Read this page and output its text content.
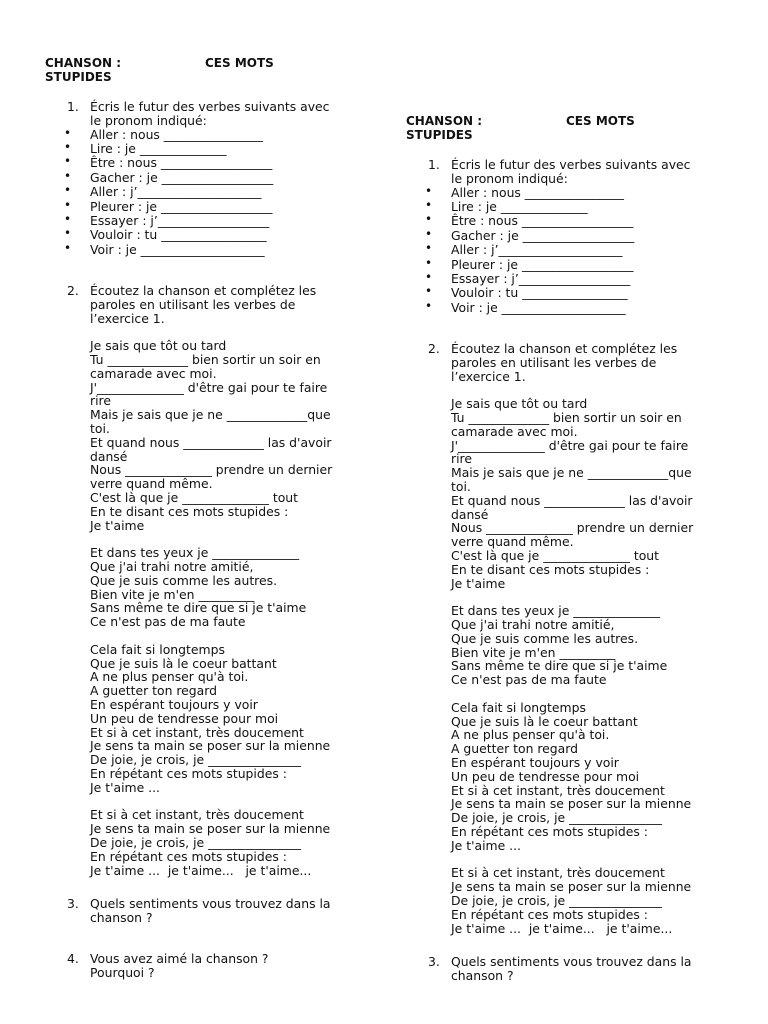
CHANSON :	CES MOTS
STUPIDES
1. Écris le futur des verbes suivants avec
le pronom indiqué:
• Aller : nous ________________
• Lire : je ______________
• Être : nous __________________
• Gacher : je __________________
• Aller : j’____________________
• Pleurer : je __________________
• Essayer : j’__________________
• Vouloir : tu _________________
• Voir : je ____________________
2. Écoutez la chanson et complétez les
paroles en utilisant les verbes de
l’exercice 1.
Je sais que tôt ou tard
Tu _____________ bien sortir un soir en
camarade avec moi.
J'______________ d'être gai pour te faire
rire
Mais je sais que je ne _____________que
toi.
Et quand nous _____________ las d'avoir
dansé
Nous ______________ prendre un dernier
verre quand même.
C'est là que je ______________ tout
En te disant ces mots stupides :
Je t'aime
Et dans tes yeux je ______________
Que j'ai trahi notre amitié,
Que je suis comme les autres.
Bien vite je m'en _________
Sans même te dire que si je t'aime
Ce n'est pas de ma faute
Cela fait si longtemps
Que je suis là le coeur battant
A ne plus penser qu'à toi.
A guetter ton regard
En espérant toujours y voir
Un peu de tendresse pour moi
Et si à cet instant, très doucement
Je sens ta main se poser sur la mienne
De joie, je crois, je _______________
En répétant ces mots stupides :
Je t'aime ...
Et si à cet instant, très doucement
Je sens ta main se poser sur la mienne
De joie, je crois, je _______________
En répétant ces mots stupides :
Je t'aime ...  je t'aime...   je t'aime...
3. Quels sentiments vous trouvez dans la
chanson ?
4. Vous avez aimé la chanson ?
Pourquoi ?
CHANSON :	CES MOTS
STUPIDES
1. Écris le futur des verbes suivants avec
le pronom indiqué:
• Aller : nous ________________
• Lire : je ______________
• Être : nous __________________
• Gacher : je __________________
• Aller : j’____________________
• Pleurer : je __________________
• Essayer : j’__________________
• Vouloir : tu _________________
• Voir : je ____________________
2. Écoutez la chanson et complétez les
paroles en utilisant les verbes de
l’exercice 1.
Je sais que tôt ou tard
Tu _____________ bien sortir un soir en
camarade avec moi.
J'______________ d'être gai pour te faire
rire
Mais je sais que je ne _____________que
toi.
Et quand nous _____________ las d'avoir
dansé
Nous ______________ prendre un dernier
verre quand même.
C'est là que je ______________ tout
En te disant ces mots stupides :
Je t'aime
Et dans tes yeux je ______________
Que j'ai trahi notre amitié,
Que je suis comme les autres.
Bien vite je m'en _________
Sans même te dire que si je t'aime
Ce n'est pas de ma faute
Cela fait si longtemps
Que je suis là le coeur battant
A ne plus penser qu'à toi.
A guetter ton regard
En espérant toujours y voir
Un peu de tendresse pour moi
Et si à cet instant, très doucement
Je sens ta main se poser sur la mienne
De joie, je crois, je _______________
En répétant ces mots stupides :
Je t'aime ...
Et si à cet instant, très doucement
Je sens ta main se poser sur la mienne
De joie, je crois, je _______________
En répétant ces mots stupides :
Je t'aime ...  je t'aime...   je t'aime...
3. Quels sentiments vous trouvez dans la
chanson ?
